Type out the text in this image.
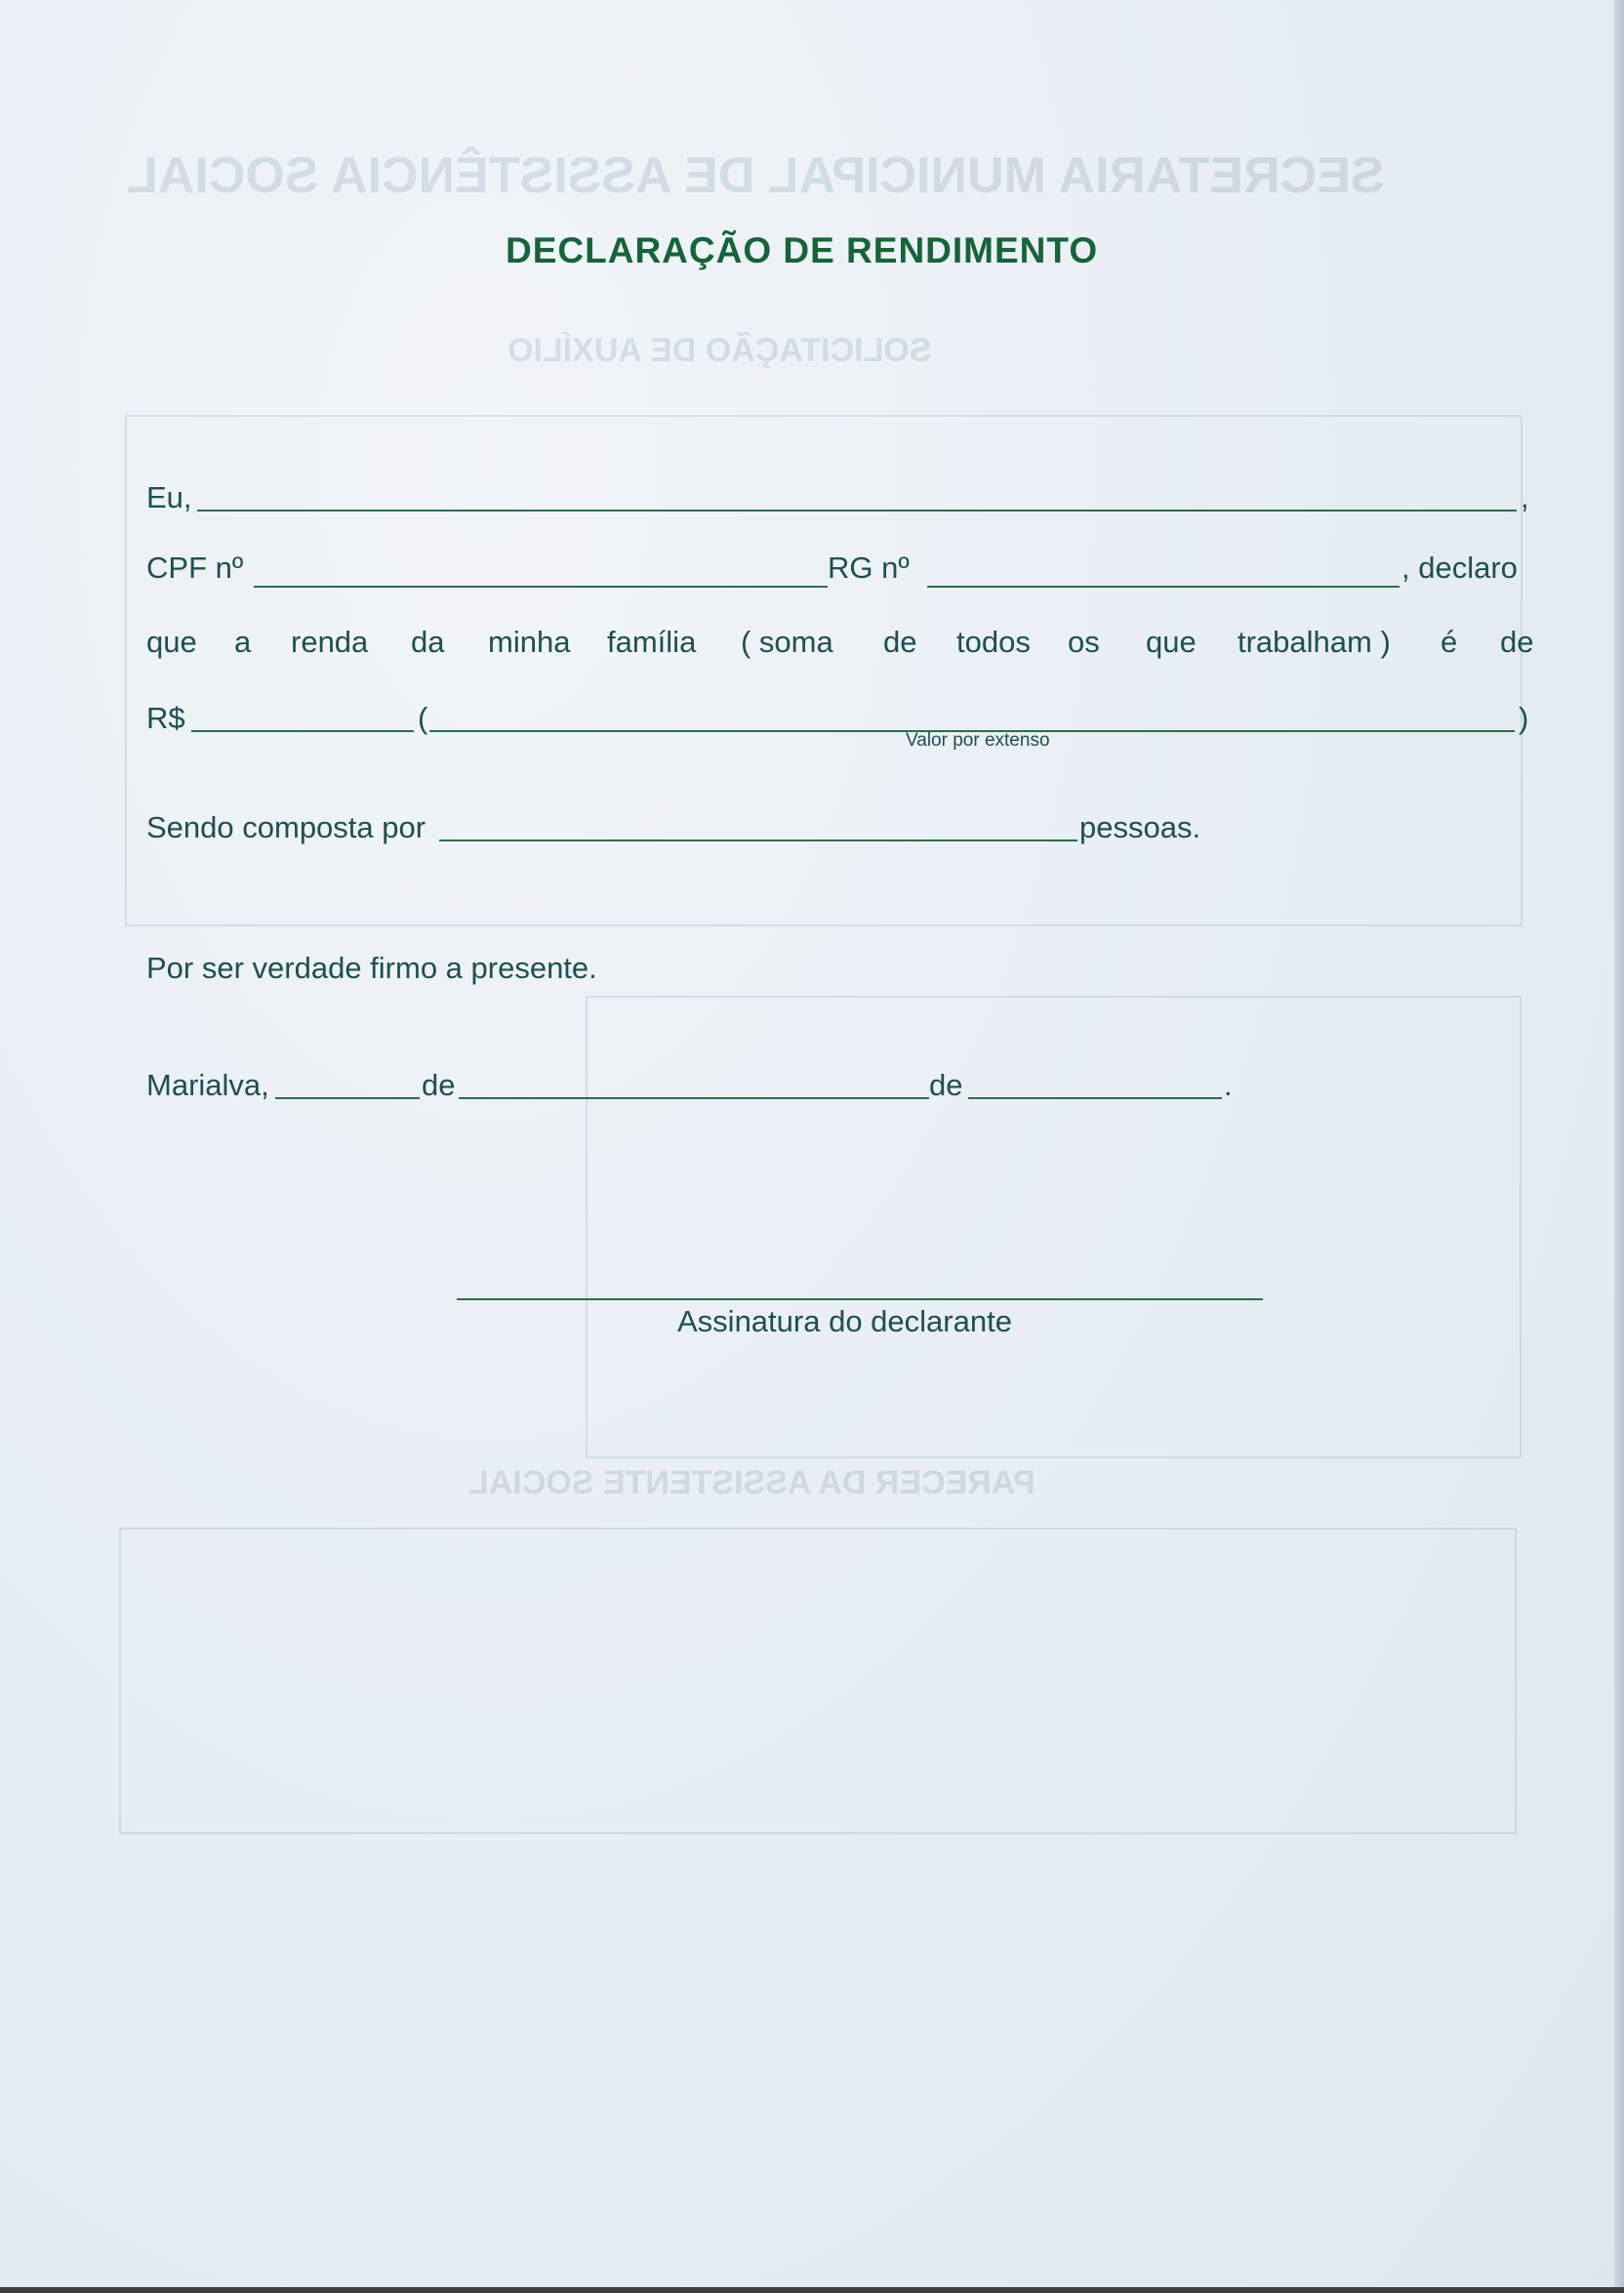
SECRETARIA MUNICIPAL DE ASSISTÊNCIA SOCIAL
SOLICITAÇÃO DE AUXÍLIO
PARECER DA ASSISTENTE SOCIAL
DECLARAÇÃO DE RENDIMENTO
Eu,	,
CPF nº	RG nº	, declaro
que a renda da minha família ( soma de todos os que trabalham ) é de
R$	(	)
Valor por extenso
Sendo composta por	pessoas.
Por ser verdade firmo a presente.
Marialva,	de	de	.
Assinatura do declarante
